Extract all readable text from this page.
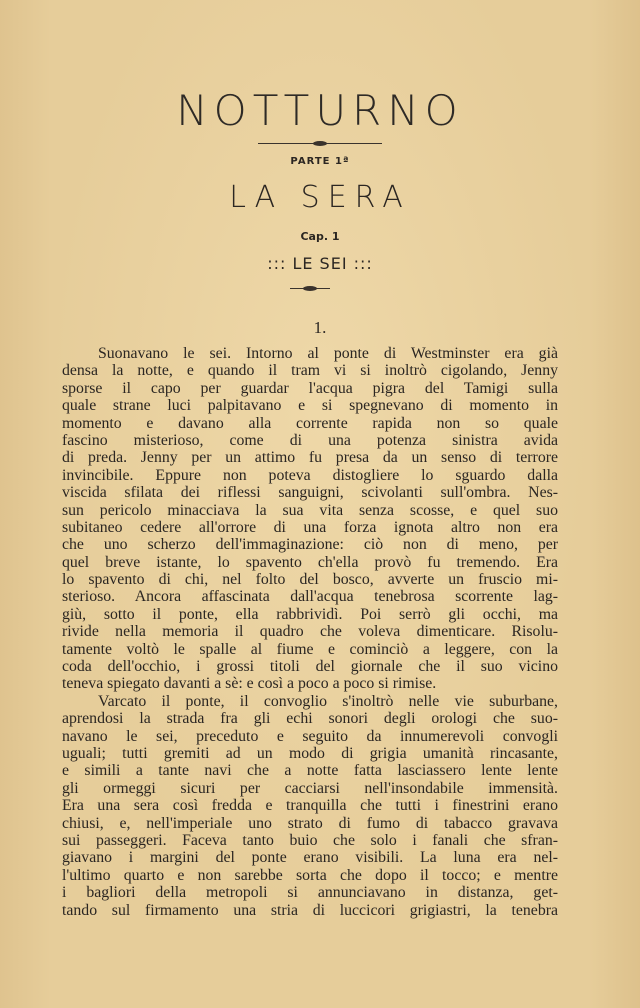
NOTTURNO
PARTE 1ª
LA SERA
Cap. 1
::: LE SEI :::
1.
Suonavano le sei. Intorno al ponte di Westminster era già
densa la notte, e quando il tram vi si inoltrò cigolando, Jenny
sporse il capo per guardar l'acqua pigra del Tamigi sulla
quale strane luci palpitavano e si spegnevano di momento in
momento e davano alla corrente rapida non so quale
fascino misterioso, come di una potenza sinistra avida
di preda. Jenny per un attimo fu presa da un senso di terrore
invincibile. Eppure non poteva distogliere lo sguardo dalla
viscida sfilata dei riflessi sanguigni, scivolanti sull'ombra. Nes-
sun pericolo minacciava la sua vita senza scosse, e quel suo
subitaneo cedere all'orrore di una forza ignota altro non era
che uno scherzo dell'immaginazione: ciò non di meno, per
quel breve istante, lo spavento ch'ella provò fu tremendo. Era
lo spavento di chi, nel folto del bosco, avverte un fruscio mi-
sterioso. Ancora affascinata dall'acqua tenebrosa scorrente lag-
giù, sotto il ponte, ella rabbrividì. Poi serrò gli occhi, ma
rivide nella memoria il quadro che voleva dimenticare. Risolu-
tamente voltò le spalle al fiume e cominciò a leggere, con la
coda dell'occhio, i grossi titoli del giornale che il suo vicino
teneva spiegato davanti a sè: e così a poco a poco si rimise.
Varcato il ponte, il convoglio s'inoltrò nelle vie suburbane,
aprendosi la strada fra gli echi sonori degli orologi che suo-
navano le sei, preceduto e seguito da innumerevoli convogli
uguali; tutti gremiti ad un modo di grigia umanità rincasante,
e simili a tante navi che a notte fatta lasciassero lente lente
gli ormeggi sicuri per cacciarsi nell'insondabile immensità.
Era una sera così fredda e tranquilla che tutti i finestrini erano
chiusi, e, nell'imperiale uno strato di fumo di tabacco gravava
sui passeggeri. Faceva tanto buio che solo i fanali che sfran-
giavano i margini del ponte erano visibili. La luna era nel-
l'ultimo quarto e non sarebbe sorta che dopo il tocco; e mentre
i bagliori della metropoli si annunciavano in distanza, get-
tando sul firmamento una stria di luccicori grigiastri, la tenebra
